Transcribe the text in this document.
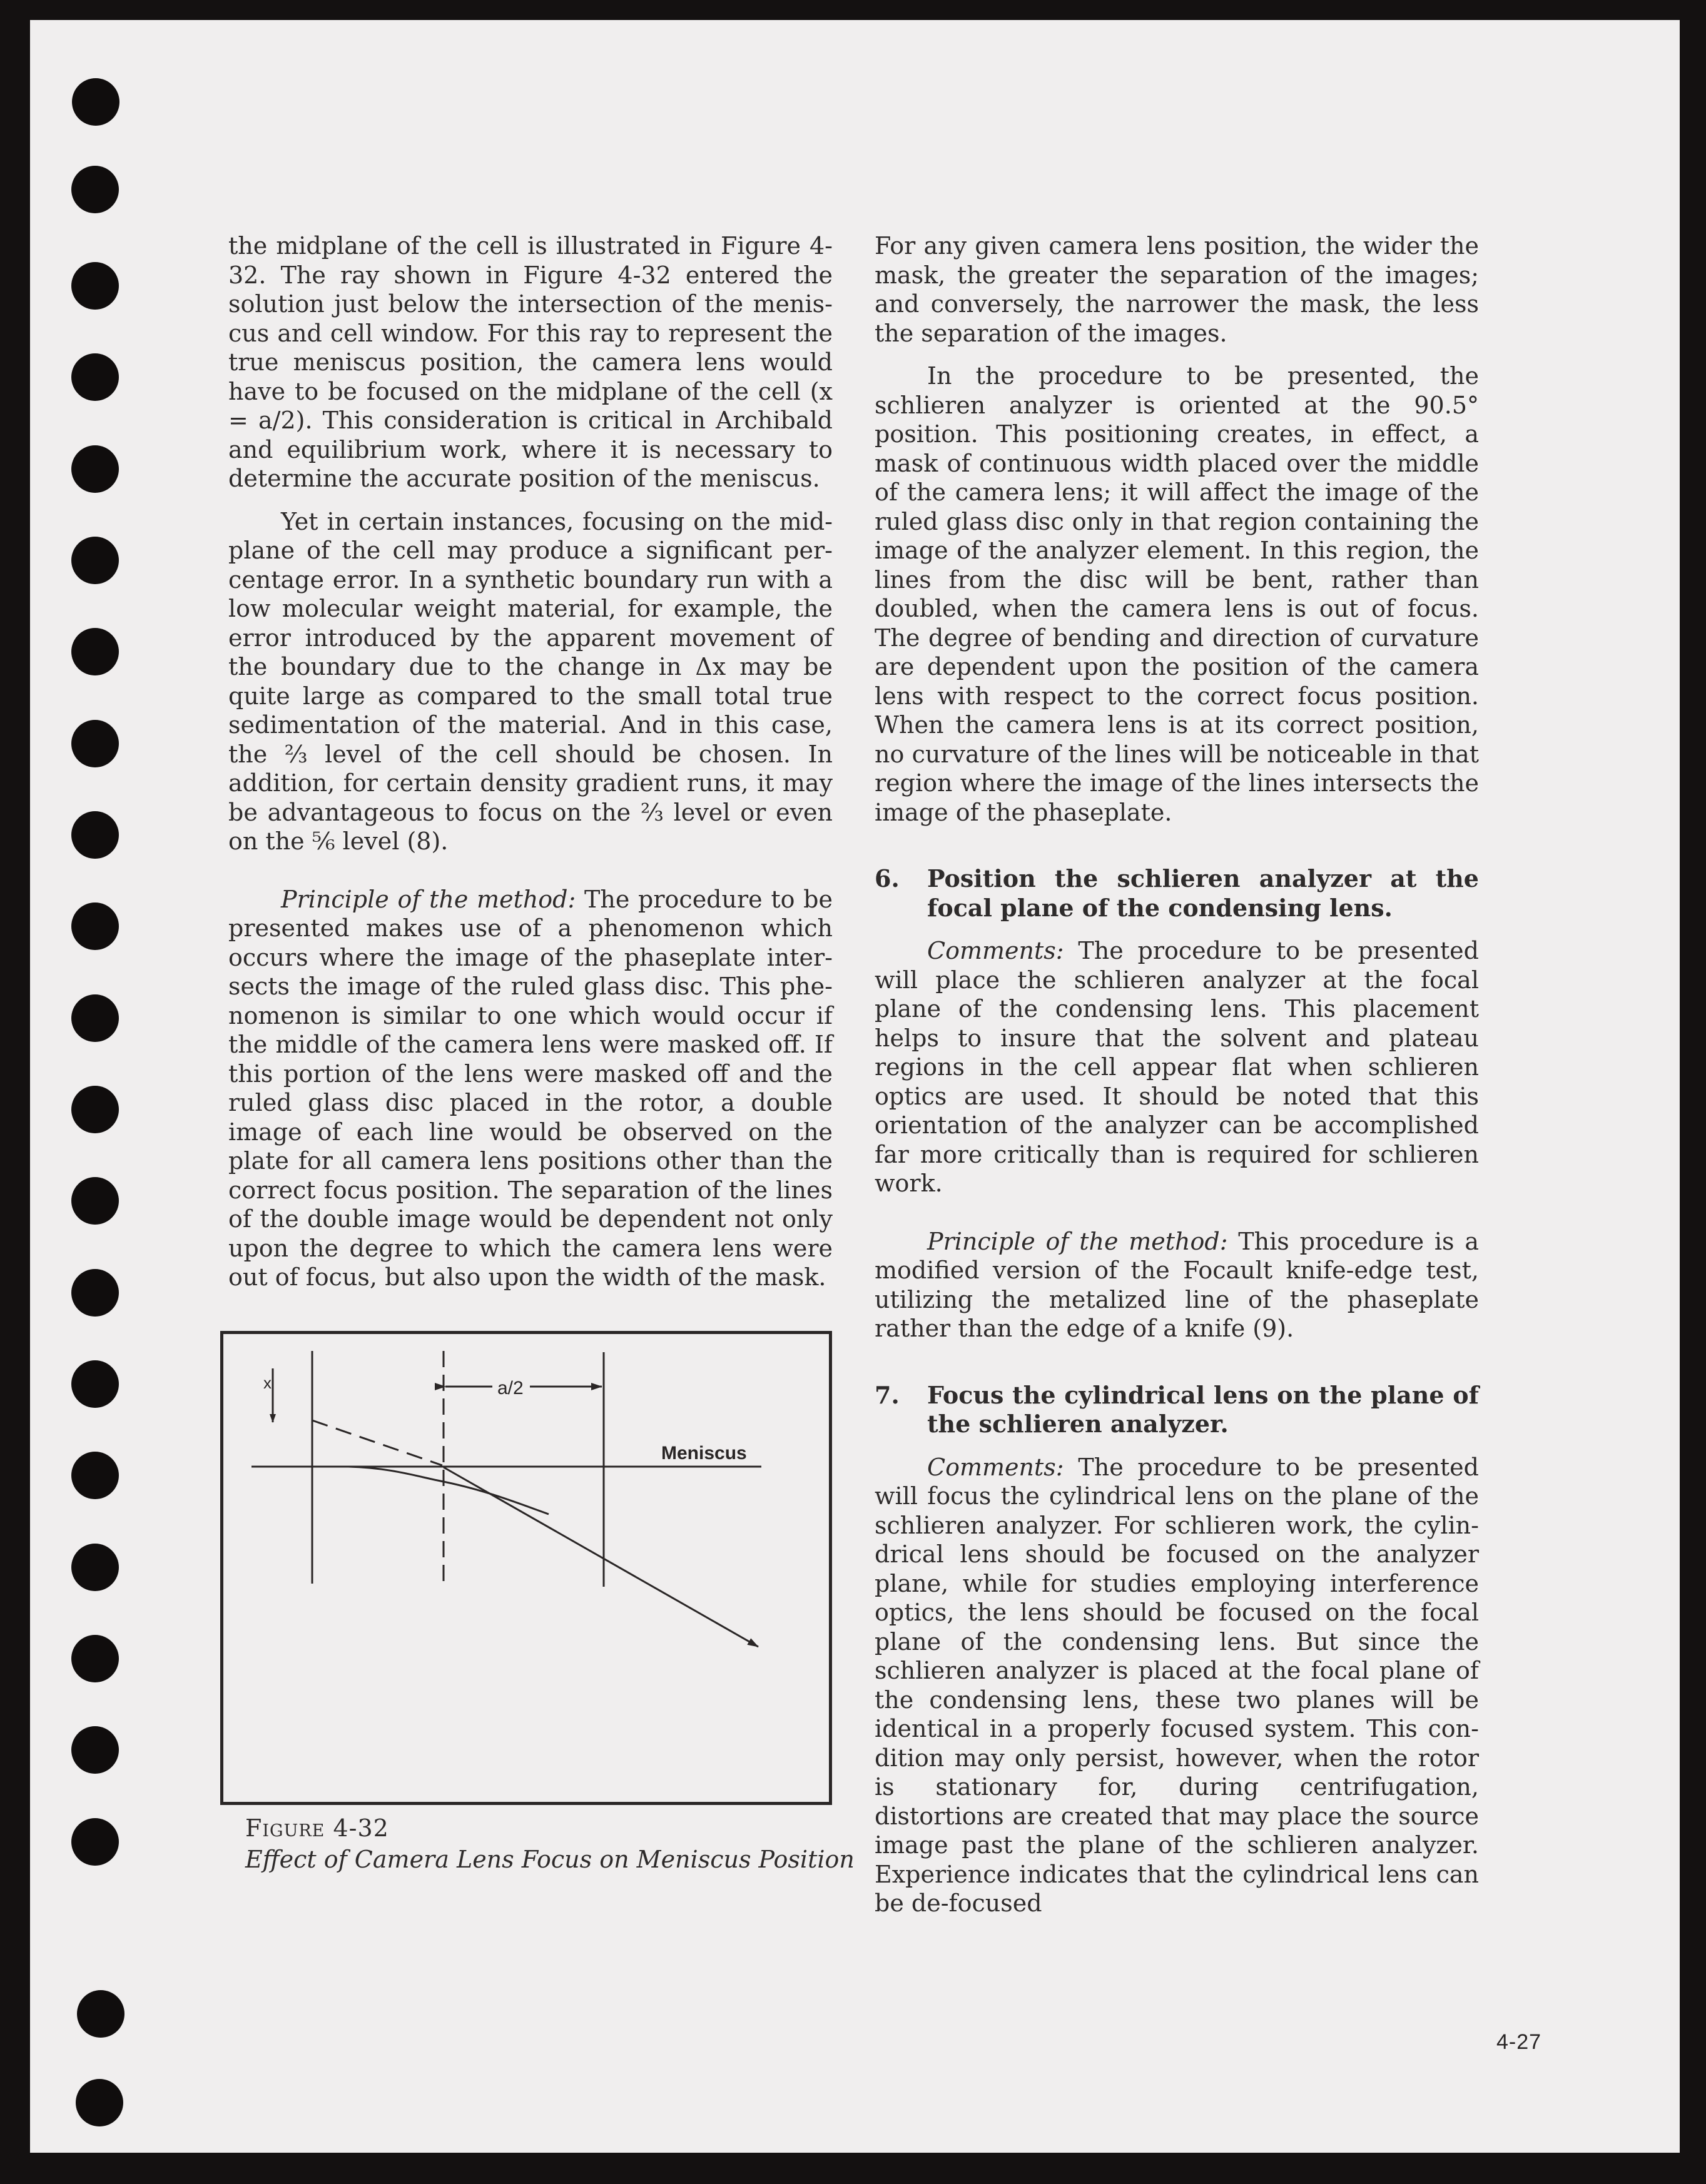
the midplane of the cell is illustrated in Figure 4-32. The ray shown in Figure 4-32 entered the solution just below the intersection of the meniscus and cell window. For this ray to represent the true meniscus position, the camera lens would have to be focused on the midplane of the cell (x = a/2). This consideration is critical in Archibald and equilibrium work, where it is necessary to determine the accurate position of the meniscus.

Yet in certain instances, focusing on the midplane of the cell may produce a significant percentage error. In a synthetic boundary run with a low molecular weight material, for example, the error introduced by the apparent movement of the boundary due to the change in Δx may be quite large as compared to the small total true sedimentation of the material. And in this case, the ⅔ level of the cell should be chosen. In addition, for certain density gradient runs, it may be advantageous to focus on the ⅔ level or even on the ⅚ level (8).

Principle of the method: The procedure to be presented makes use of a phenomenon which occurs where the image of the phaseplate intersects the image of the ruled glass disc. This phenomenon is similar to one which would occur if the middle of the camera lens were masked off. If this portion of the lens were masked off and the ruled glass disc placed in the rotor, a double image of each line would be observed on the plate for all camera lens positions other than the correct focus position. The separation of the lines of the double image would be dependent not only upon the degree to which the camera lens were out of focus, but also upon the width of the mask.

x	a/2
Meniscus
Figure 4-32
Effect of Camera Lens Focus on Meniscus Position

For any given camera lens position, the wider the mask, the greater the separation of the images; and conversely, the narrower the mask, the less the separation of the images.

In the procedure to be presented, the schlieren analyzer is oriented at the 90.5° position. This positioning creates, in effect, a mask of continuous width placed over the middle of the camera lens; it will affect the image of the ruled glass disc only in that region containing the image of the analyzer element. In this region, the lines from the disc will be bent, rather than doubled, when the camera lens is out of focus. The degree of bending and direction of curvature are dependent upon the position of the camera lens with respect to the correct focus position. When the camera lens is at its correct position, no curvature of the lines will be noticeable in that region where the image of the lines intersects the image of the phaseplate.

6.	Position the schlieren analyzer at the focal plane of the condensing lens.

Comments: The procedure to be presented will place the schlieren analyzer at the focal plane of the condensing lens. This placement helps to insure that the solvent and plateau regions in the cell appear flat when schlieren optics are used. It should be noted that this orientation of the analyzer can be accomplished far more critically than is required for schlieren work.

Principle of the method: This procedure is a modified version of the Focault knife-edge test, utilizing the metalized line of the phaseplate rather than the edge of a knife (9).

7.	Focus the cylindrical lens on the plane of the schlieren analyzer.

Comments: The procedure to be presented will focus the cylindrical lens on the plane of the schlieren analyzer. For schlieren work, the cylindrical lens should be focused on the analyzer plane, while for studies employing interference optics, the lens should be focused on the focal plane of the condensing lens. But since the schlieren analyzer is placed at the focal plane of the condensing lens, these two planes will be identical in a properly focused system. This condition may only persist, however, when the rotor is stationary for, during centrifugation, distortions are created that may place the source image past the plane of the schlieren analyzer. Experience indicates that the cylindrical lens can be de-focused

4-27
